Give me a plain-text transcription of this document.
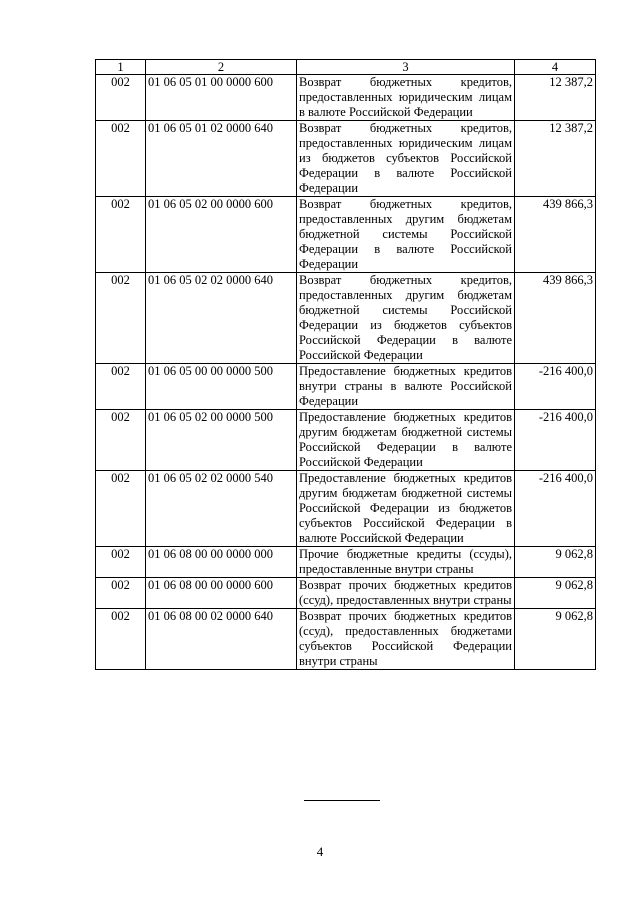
1	2	3	4
002	01 06 05 01 00 0000 600	Возврат бюджетных кредитов, предоставленных юридическим лицам в валюте Российской Федерации	12 387,2
002	01 06 05 01 02 0000 640	Возврат бюджетных кредитов, предоставленных юридическим лицам из бюджетов субъектов Российской Федерации в валюте Российской Федерации	12 387,2
002	01 06 05 02 00 0000 600	Возврат бюджетных кредитов, предоставленных другим бюджетам бюджетной системы Российской Федерации в валюте Российской Федерации	439 866,3
002	01 06 05 02 02 0000 640	Возврат бюджетных кредитов, предоставленных другим бюджетам бюджетной системы Российской Федерации из бюджетов субъектов Российской Федерации в валюте Российской Федерации	439 866,3
002	01 06 05 00 00 0000 500	Предоставление бюджетных кредитов внутри страны в валюте Российской Федерации	-216 400,0
002	01 06 05 02 00 0000 500	Предоставление бюджетных кредитов другим бюджетам бюджетной системы Российской Федерации в валюте Российской Федерации	-216 400,0
002	01 06 05 02 02 0000 540	Предоставление бюджетных кредитов другим бюджетам бюджетной системы Российской Федерации из бюджетов субъектов Российской Федерации в валюте Российской Федерации	-216 400,0
002	01 06 08 00 00 0000 000	Прочие бюджетные кредиты (ссуды), предоставленные внутри страны	9 062,8
002	01 06 08 00 00 0000 600	Возврат прочих бюджетных кредитов (ссуд), предоставленных внутри страны	9 062,8
002	01 06 08 00 02 0000 640	Возврат прочих бюджетных кредитов (ссуд), предоставленных бюджетами субъектов Российской Федерации внутри страны	9 062,8
4
